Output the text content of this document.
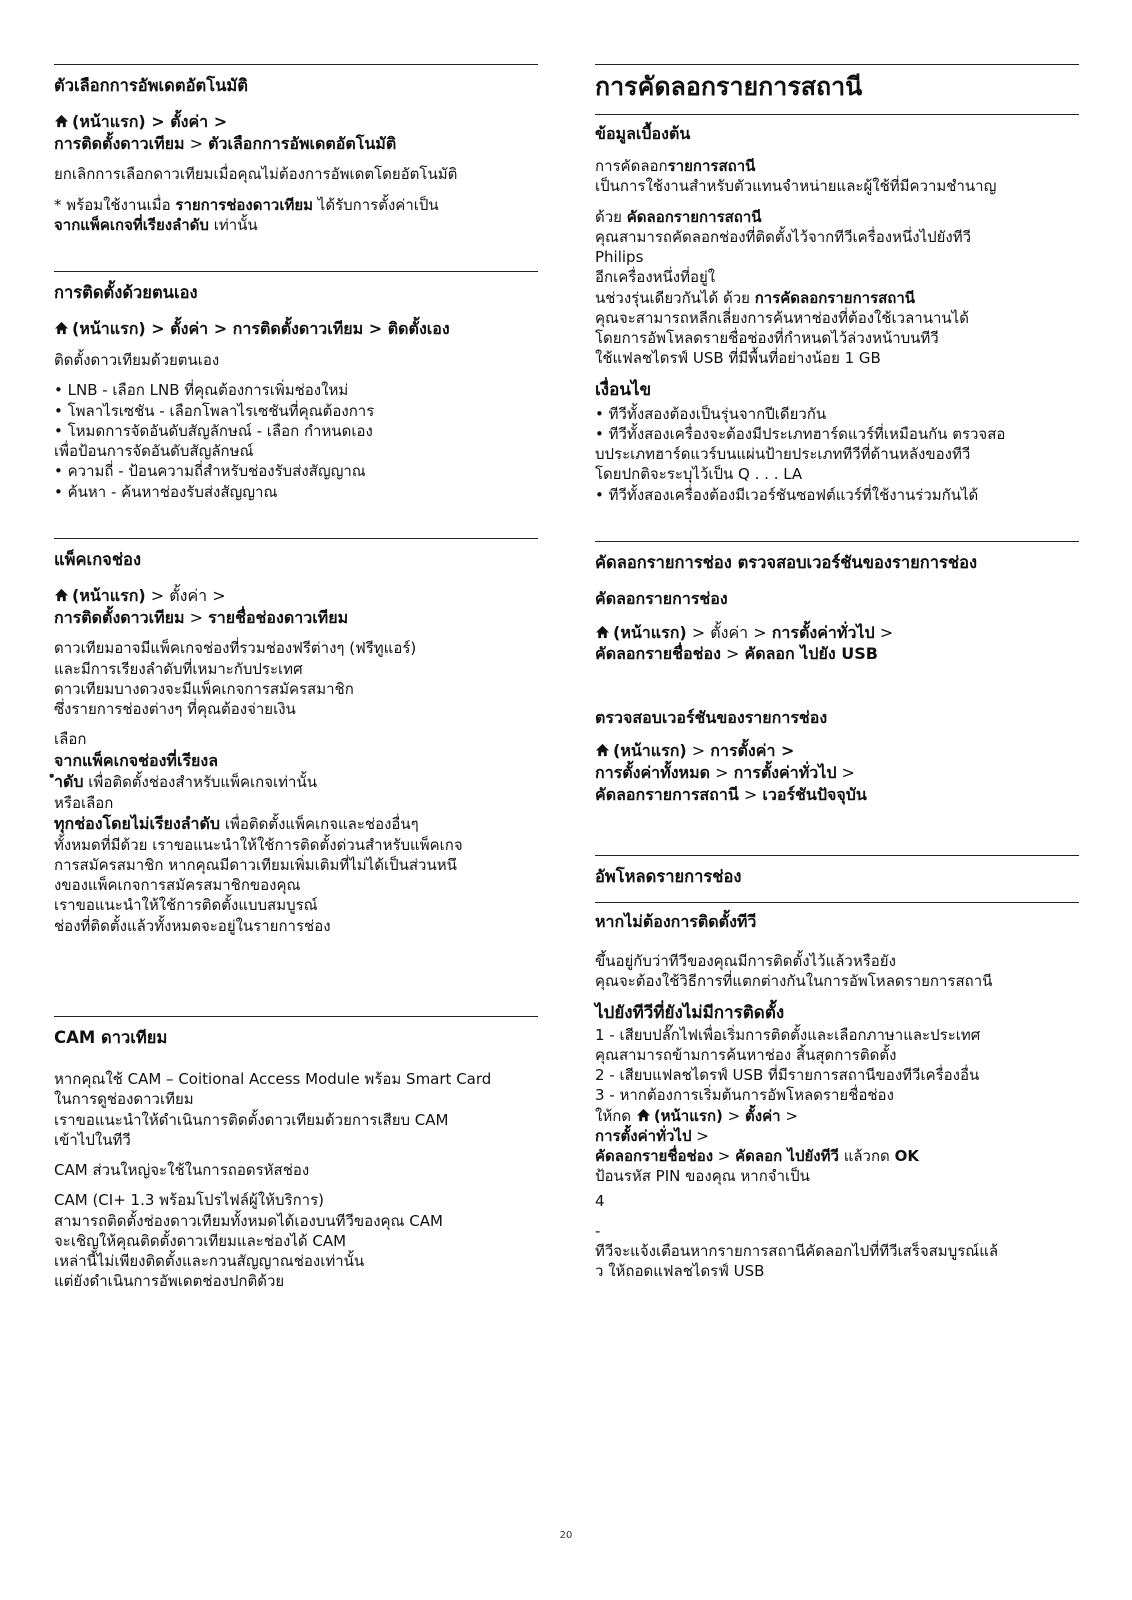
ตัวเลือกการอัพเดตอัตโนมัติ

(หน้าแรก) > ตั้งค่า >
การติดตั้งดาวเทียม > ตัวเลือกการอัพเดตอัตโนมัติ

ยกเลิกการเลือกดาวเทียมเมื่อคุณไม่ต้องการอัพเดตโดยอัตโนมัติ

* พร้อมใช้งานเมื่อ รายการช่องดาวเทียม ได้รับการตั้งค่าเป็น
จากแพ็คเกจที่เรียงลำดับ เท่านั้น

การติดตั้งด้วยตนเอง

(หน้าแรก) > ตั้งค่า > การติดตั้งดาวเทียม > ติดตั้งเอง

ติดตั้งดาวเทียมด้วยตนเอง

• LNB - เลือก LNB ที่คุณต้องการเพิ่มช่องใหม่
• โพลาไรเซชัน - เลือกโพลาไรเซชันที่คุณต้องการ
• โหมดการจัดอันดับสัญลักษณ์ - เลือก กำหนดเอง
เพื่อป้อนการจัดอันดับสัญลักษณ์
• ความถี่ - ป้อนความถี่สำหรับช่องรับส่งสัญญาณ
• ค้นหา - ค้นหาช่องรับส่งสัญญาณ
แพ็คเกจช่อง

(หน้าแรก) > ตั้งค่า >
การติดตั้งดาวเทียม > รายชื่อช่องดาวเทียม

ดาวเทียมอาจมีแพ็คเกจช่องที่รวมช่องฟรีต่างๆ (ฟรีทูแอร์)
และมีการเรียงลำดับที่เหมาะกับประเทศ
ดาวเทียมบางดวงจะมีแพ็คเกจการสมัครสมาชิก
ซึ่งรายการช่องต่างๆ ที่คุณต้องจ่ายเงิน

เลือก

จากแพ็คเกจช่องที่เรียงล
ำดับ เพื่อติดตั้งช่องสำหรับแพ็คเกจเท่านั้น

หรือเลือก

ทุกช่องโดยไม่เรียงลำดับ เพื่อติดตั้งแพ็คเกจและช่องอื่นๆ
ทั้งหมดที่มีด้วย เราขอแนะนำให้ใช้การติดตั้งด่วนสำหรับแพ็คเกจ
การสมัครสมาชิก หากคุณมีดาวเทียมเพิ่มเติมที่ไม่ได้เป็นส่วนหนึ
งของแพ็คเกจการสมัครสมาชิกของคุณ
เราขอแนะนำให้ใช้การติดตั้งแบบสมบูรณ์
ช่องที่ติดตั้งแล้วทั้งหมดจะอยู่ในรายการช่อง

CAM ดาวเทียม

หากคุณใช้ CAM – Coitional Access Module พร้อม Smart Card
ในการดูช่องดาวเทียม
เราขอแนะนำให้ดำเนินการติดตั้งดาวเทียมด้วยการเสียบ CAM
เข้าไปในทีวี

CAM ส่วนใหญ่จะใช้ในการถอดรหัสช่อง

CAM (CI+ 1.3 พร้อมโปรไฟล์ผู้ให้บริการ)
สามารถติดตั้งช่องดาวเทียมทั้งหมดได้เองบนทีวีของคุณ CAM
จะเชิญให้คุณติดตั้งดาวเทียมและช่องได้ CAM
เหล่านี้ไม่เพียงติดตั้งและกวนสัญญาณช่องเท่านั้น
แต่ยังดำเนินการอัพเดตช่องปกติด้วย

การคัดลอกรายการสถานี
ข้อมูลเบื้องต้น

การคัดลอกรายการสถานี
เป็นการใช้งานสำหรับตัวแทนจำหน่ายและผู้ใช้ที่มีความชำนาญ

ด้วย คัดลอกรายการสถานี
คุณสามารถคัดลอกช่องที่ติดตั้งไว้จากทีวีเครื่องหนึ่งไปยังทีวี
Philips
อีกเครื่องหนึ่งที่อยู่ใ
นช่วงรุ่นเดียวกันได้ ด้วย การคัดลอกรายการสถานี
คุณจะสามารถหลีกเลี่ยงการค้นหาช่องที่ต้องใช้เวลานานได้
โดยการอัพโหลดรายชื่อช่องที่กำหนดไว้ล่วงหน้าบนทีวี
ใช้แฟลชไดรฟ์ USB ที่มีพื้นที่อย่างน้อย 1 GB

เงื่อนไข
• ทีวีทั้งสองต้องเป็นรุ่นจากปีเดียวกัน
• ทีวีทั้งสองเครื่องจะต้องมีประเภทฮาร์ดแวร์ที่เหมือนกัน ตรวจสอ
บประเภทฮาร์ดแวร์บนแผ่นป้ายประเภททีวีที่ด้านหลังของทีวี
โดยปกติจะระบุไว้เป็น Q . . . LA
• ทีวีทั้งสองเครื่องต้องมีเวอร์ชันซอฟต์แวร์ที่ใช้งานร่วมกันได้
คัดลอกรายการช่อง ตรวจสอบเวอร์ชันของรายการช่อง
คัดลอกรายการช่อง

(หน้าแรก) > ตั้งค่า > การตั้งค่าทั่วไป >
คัดลอกรายชื่อช่อง > คัดลอก ไปยัง USB

ตรวจสอบเวอร์ชันของรายการช่อง

(หน้าแรก) > การตั้งค่า >
การตั้งค่าทั้งหมด > การตั้งค่าทั่วไป >
คัดลอกรายการสถานี > เวอร์ชันปัจจุบัน

อัพโหลดรายการช่อง
หากไม่ต้องการติดตั้งทีวี

ขึ้นอยู่กับว่าทีวีของคุณมีการติดตั้งไว้แล้วหรือยัง
คุณจะต้องใช้วิธีการที่แตกต่างกันในการอัพโหลดรายการสถานี

ไปยังทีวีที่ยังไม่มีการติดตั้ง

1 - เสียบปลั๊กไฟเพื่อเริ่มการติดตั้งและเลือกภาษาและประเทศ
คุณสามารถข้ามการค้นหาช่อง สิ้นสุดการติดตั้ง
2 - เสียบแฟลชไดรฟ์ USB ที่มีรายการสถานีของทีวีเครื่องอื่น
3 - หากต้องการเริ่มต้นการอัพโหลดรายชื่อช่อง

ให้กด (หน้าแรก) > ตั้งค่า >
การตั้งค่าทั่วไป >
คัดลอกรายชื่อช่อง > คัดลอก ไปยังทีวี แล้วกด OK

ป้อนรหัส PIN ของคุณ หากจำเป็น

4

-

ทีวีจะแจ้งเตือนหากรายการสถานีคัดลอกไปที่ทีวีเสร็จสมบูรณ์แล้
ว ให้ถอดแฟลชไดรฟ์ USB

20
